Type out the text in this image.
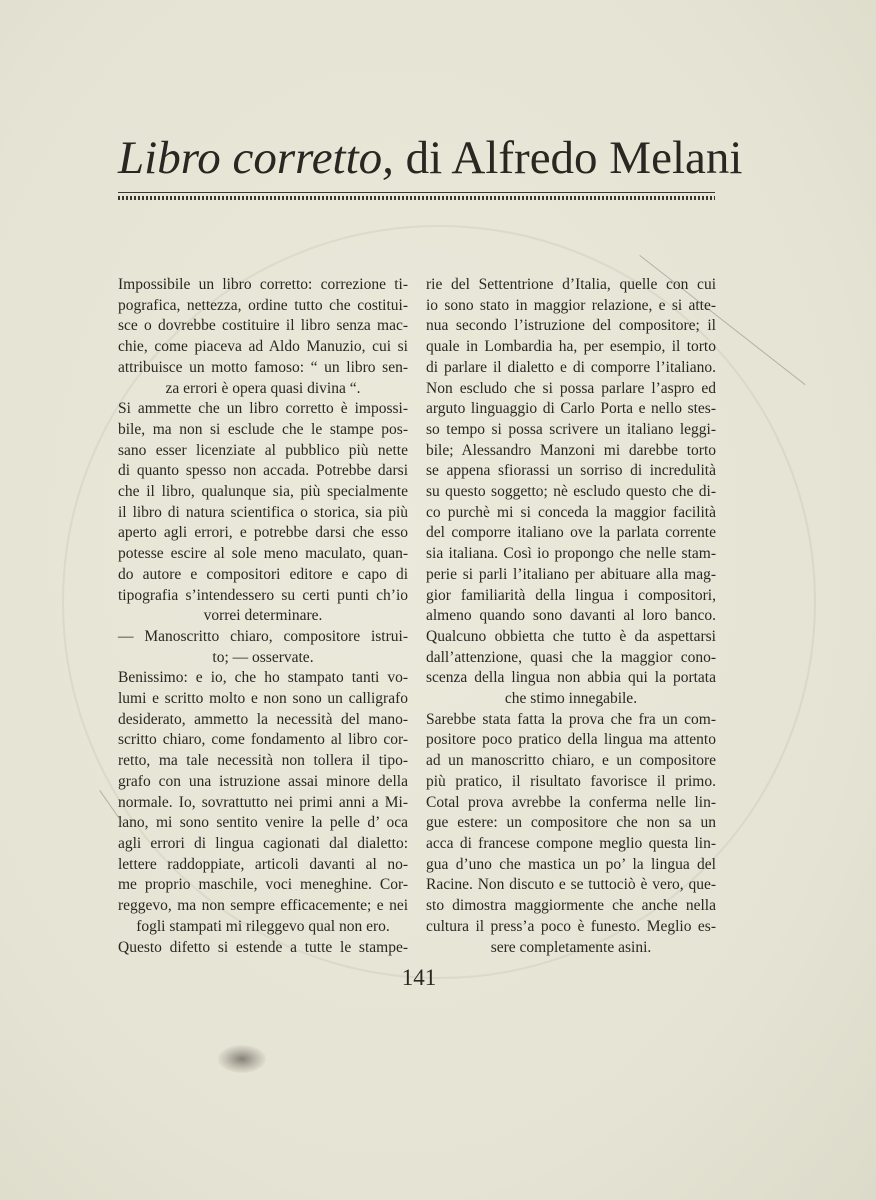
Libro corretto, di Alfredo Melani

Impossibile un libro corretto: correzione ti-

pografica, nettezza, ordine tutto che costitui-

sce o dovrebbe costituire il libro senza mac-

chie, come piaceva ad Aldo Manuzio, cui si

attribuisce un motto famoso: “ un libro sen-

za errori è opera quasi divina “.

Si ammette che un libro corretto è impossi-

bile, ma non si esclude che le stampe pos-

sano esser licenziate al pubblico più nette

di quanto spesso non accada. Potrebbe darsi

che il libro, qualunque sia, più specialmente

il libro di natura scientifica o storica, sia più

aperto agli errori, e potrebbe darsi che esso

potesse escire al sole meno maculato, quan-

do autore e compositori editore e capo di

tipografia s’intendessero su certi punti ch’io

vorrei determinare.

— Manoscritto chiaro, compositore istrui-

to; — osservate.

Benissimo: e io, che ho stampato tanti vo-

lumi e scritto molto e non sono un calligrafo

desiderato, ammetto la necessità del mano-

scritto chiaro, come fondamento al libro cor-

retto, ma tale necessità non tollera il tipo-

grafo con una istruzione assai minore della

normale. Io, sovrattutto nei primi anni a Mi-

lano, mi sono sentito venire la pelle d’ oca

agli errori di lingua cagionati dal dialetto:

lettere raddoppiate, articoli davanti al no-

me proprio maschile, voci meneghine. Cor-

reggevo, ma non sempre efficacemente; e nei

fogli stampati mi rileggevo qual non ero.

Questo difetto si estende a tutte le stampe-

rie del Settentrione d’Italia, quelle con cui

io sono stato in maggior relazione, e si atte-

nua secondo l’istruzione del compositore; il

quale in Lombardia ha, per esempio, il torto

di parlare il dialetto e di comporre l’italiano.

Non escludo che si possa parlare l’aspro ed

arguto linguaggio di Carlo Porta e nello stes-

so tempo si possa scrivere un italiano leggi-

bile; Alessandro Manzoni mi darebbe torto

se appena sfiorassi un sorriso di incredulità

su questo soggetto; nè escludo questo che di-

co purchè mi si conceda la maggior facilità

del comporre italiano ove la parlata corrente

sia italiana. Così io propongo che nelle stam-

perie si parli l’italiano per abituare alla mag-

gior familiarità della lingua i compositori,

almeno quando sono davanti al loro banco.

Qualcuno obbietta che tutto è da aspettarsi

dall’attenzione, quasi che la maggior cono-

scenza della lingua non abbia qui la portata

che stimo innegabile.

Sarebbe stata fatta la prova che fra un com-

positore poco pratico della lingua ma attento

ad un manoscritto chiaro, e un compositore

più pratico, il risultato favorisce il primo.

Cotal prova avrebbe la conferma nelle lin-

gue estere: un compositore che non sa un

acca di francese compone meglio questa lin-

gua d’uno che mastica un po’ la lingua del

Racine. Non discuto e se tuttociò è vero, que-

sto dimostra maggiormente che anche nella

cultura il press’a poco è funesto. Meglio es-

sere completamente asini.

141
